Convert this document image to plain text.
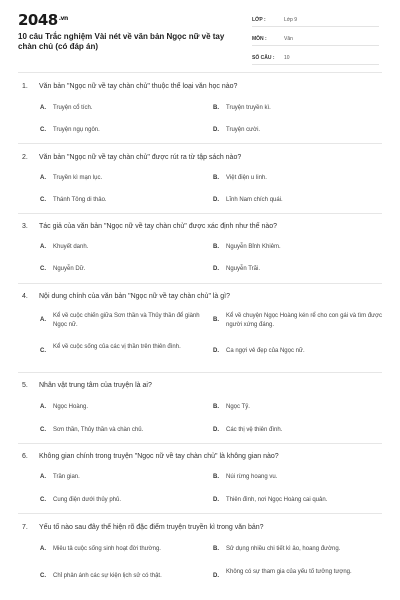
$2048^{.vn}$
10 câu Trắc nghiệm Vài nét về văn bản Ngọc nữ về tay chàn chủ (có đáp án)
LỚP :	Lớp 9
MÔN :	Văn
SỐ CÂU :	10
1. Văn bản "Ngọc nữ về tay chàn chủ" thuộc thể loại văn học nào?
A. Truyện cổ tích.	B. Truyện truyền kì.
C. Truyện ngụ ngôn.	D. Truyện cười.
2. Văn bản "Ngọc nữ về tay chàn chủ" được rút ra từ tập sách nào?
A. Truyền kì mạn lục.	B. Việt điện u linh.
C. Thánh Tông di thảo.	D. Lĩnh Nam chích quái.
3. Tác giả của văn bản "Ngọc nữ về tay chàn chủ" được xác định như thế nào?
A. Khuyết danh.	B. Nguyễn Bỉnh Khiêm.
C. Nguyễn Dữ.	D. Nguyễn Trãi.
4. Nội dung chính của văn bản "Ngọc nữ về tay chàn chủ" là gì?
A.
Kể về cuộc chiến giữa Sơn thần và Thủy thần để giành Ngọc nữ.
B.
Kể về chuyện Ngọc Hoàng kén rể cho con gái và tìm được người xứng đáng.
C.
Kể về cuộc sống của các vị thần trên thiên đình.
D. Ca ngợi vẻ đẹp của Ngọc nữ.
5. Nhân vật trung tâm của truyện là ai?
A. Ngọc Hoàng.	B. Ngọc Tỷ.
C. Sơn thần, Thủy thần và chàn chủ.	D. Các thị vệ thiên đình.
6. Không gian chính trong truyện "Ngọc nữ về tay chàn chủ" là không gian nào?
A. Trần gian.	B. Núi rừng hoang vu.
C. Cung điện dưới thủy phủ.	D. Thiên đình, nơi Ngọc Hoàng cai quản.
7. Yếu tố nào sau đây thể hiện rõ đặc điểm truyện truyền kì trong văn bản?
A. Miêu tả cuộc sống sinh hoạt đời thường.	B. Sử dụng nhiều chi tiết kì ảo, hoang đường.
C. Chỉ phản ánh các sự kiện lịch sử có thật.	D.
Không có sự tham gia của yếu tố tưởng tượng.
